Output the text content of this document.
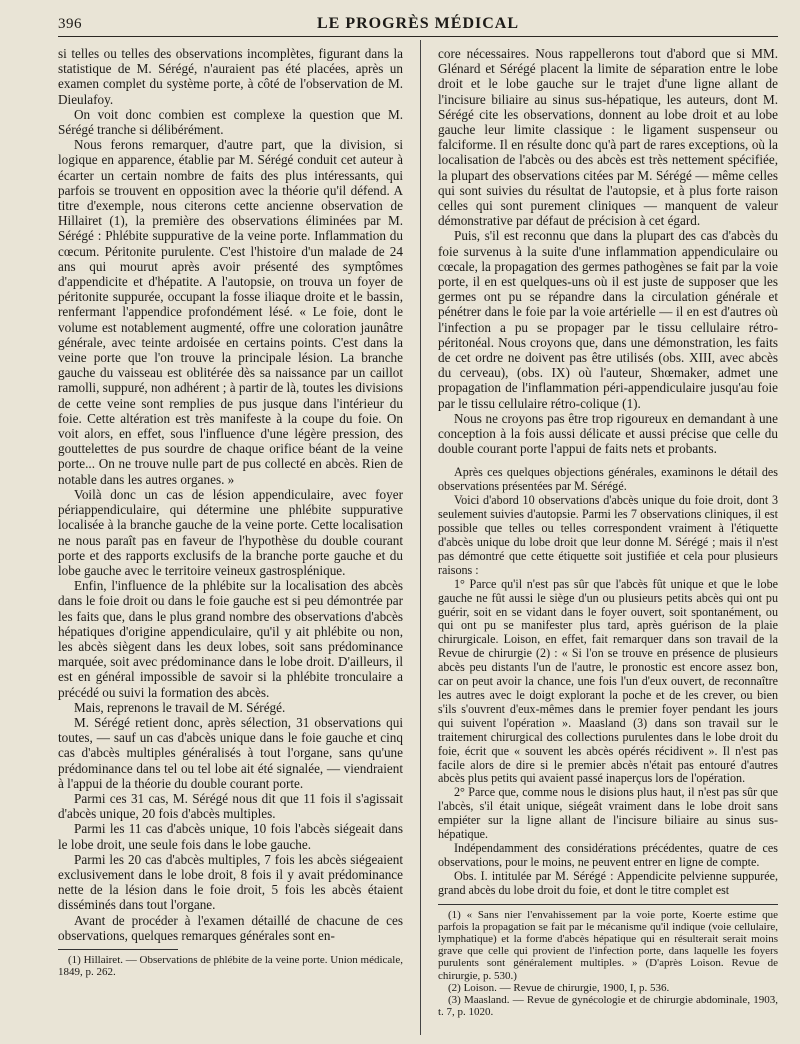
396	LE PROGRÈS MÉDICAL

si telles ou telles des observations incomplètes, figurant dans la statistique de M. Sérégé, n'auraient pas été placées, après un examen complet du système porte, à côté de l'observation de M. Dieulafoy.

On voit donc combien est complexe la question que M. Sérégé tranche si délibérément.

Nous ferons remarquer, d'autre part, que la division, si logique en apparence, établie par M. Sérégé conduit cet auteur à écarter un certain nombre de faits des plus intéressants, qui parfois se trouvent en opposition avec la théorie qu'il défend. A titre d'exemple, nous citerons cette ancienne observation de Hillairet (1), la première des observations éliminées par M. Sérégé : Phlébite suppurative de la veine porte. Inflammation du cœcum. Péritonite purulente. C'est l'histoire d'un malade de 24 ans qui mourut après avoir présenté des symptômes d'appendicite et d'hépatite. A l'autopsie, on trouva un foyer de péritonite suppurée, occupant la fosse iliaque droite et le bassin, renfermant l'appendice profondément lésé. « Le foie, dont le volume est notablement augmenté, offre une coloration jaunâtre générale, avec teinte ardoisée en certains points. C'est dans la veine porte que l'on trouve la principale lésion. La branche gauche du vaisseau est oblitérée dès sa naissance par un caillot ramolli, suppuré, non adhérent ; à partir de là, toutes les divisions de cette veine sont remplies de pus jusque dans l'intérieur du foie. Cette altération est très manifeste à la coupe du foie. On voit alors, en effet, sous l'influence d'une légère pression, des gouttelettes de pus sourdre de chaque orifice béant de la veine porte... On ne trouve nulle part de pus collecté en abcès. Rien de notable dans les autres organes. »

Voilà donc un cas de lésion appendiculaire, avec foyer périappendiculaire, qui détermine une phlébite suppurative localisée à la branche gauche de la veine porte. Cette localisation ne nous paraît pas en faveur de l'hypothèse du double courant porte et des rapports exclusifs de la branche porte gauche et du lobe gauche avec le territoire veineux gastrosplénique.

Enfin, l'influence de la phlébite sur la localisation des abcès dans le foie droit ou dans le foie gauche est si peu démontrée par les faits que, dans le plus grand nombre des observations d'abcès hépatiques d'origine appendiculaire, qu'il y ait phlébite ou non, les abcès siègent dans les deux lobes, soit sans prédominance marquée, soit avec prédominance dans le lobe droit. D'ailleurs, il est en général impossible de savoir si la phlébite tronculaire a précédé ou suivi la formation des abcès.

Mais, reprenons le travail de M. Sérégé.

M. Sérégé retient donc, après sélection, 31 observations qui toutes, — sauf un cas d'abcès unique dans le foie gauche et cinq cas d'abcès multiples généralisés à tout l'organe, sans qu'une prédominance dans tel ou tel lobe ait été signalée, — viendraient à l'appui de la théorie du double courant porte.

Parmi ces 31 cas, M. Sérégé nous dit que 11 fois il s'agissait d'abcès unique, 20 fois d'abcès multiples.

Parmi les 11 cas d'abcès unique, 10 fois l'abcès siégeait dans le lobe droit, une seule fois dans le lobe gauche.

Parmi les 20 cas d'abcès multiples, 7 fois les abcès siégeaient exclusivement dans le lobe droit, 8 fois il y avait prédominance nette de la lésion dans le foie droit, 5 fois les abcès étaient disséminés dans tout l'organe.

Avant de procéder à l'examen détaillé de chacune de ces observations, quelques remarques générales sont en-

(1) Hillairet. — Observations de phlébite de la veine porte. Union médicale, 1849, p. 262.

core nécessaires. Nous rappellerons tout d'abord que si MM. Glénard et Sérégé placent la limite de séparation entre le lobe droit et le lobe gauche sur le trajet d'une ligne allant de l'incisure biliaire au sinus sus-hépatique, les auteurs, dont M. Sérégé cite les observations, donnent au lobe droit et au lobe gauche leur limite classique : le ligament suspenseur ou falciforme. Il en résulte donc qu'à part de rares exceptions, où la localisation de l'abcès ou des abcès est très nettement spécifiée, la plupart des observations citées par M. Sérégé — même celles qui sont suivies du résultat de l'autopsie, et à plus forte raison celles qui sont purement cliniques — manquent de valeur démonstrative par défaut de précision à cet égard.

Puis, s'il est reconnu que dans la plupart des cas d'abcès du foie survenus à la suite d'une inflammation appendiculaire ou cœcale, la propagation des germes pathogènes se fait par la voie porte, il en est quelques-uns où il est juste de supposer que les germes ont pu se répandre dans la circulation générale et pénétrer dans le foie par la voie artérielle — il en est d'autres où l'infection a pu se propager par le tissu cellulaire rétro-péritonéal. Nous croyons que, dans une démonstration, les faits de cet ordre ne doivent pas être utilisés (obs. XIII, avec abcès du cerveau), (obs. IX) où l'auteur, Shœmaker, admet une propagation de l'inflammation péri-appendiculaire jusqu'au foie par le tissu cellulaire rétro-colique (1).

Nous ne croyons pas être trop rigoureux en demandant à une conception à la fois aussi délicate et aussi précise que celle du double courant porte l'appui de faits nets et probants.

Après ces quelques objections générales, examinons le détail des observations présentées par M. Sérégé.

Voici d'abord 10 observations d'abcès unique du foie droit, dont 3 seulement suivies d'autopsie. Parmi les 7 observations cliniques, il est possible que telles ou telles correspondent vraiment à l'étiquette d'abcès unique du lobe droit que leur donne M. Sérégé ; mais il n'est pas démontré que cette étiquette soit justifiée et cela pour plusieurs raisons :

1° Parce qu'il n'est pas sûr que l'abcès fût unique et que le lobe gauche ne fût aussi le siège d'un ou plusieurs petits abcès qui ont pu guérir, soit en se vidant dans le foyer ouvert, soit spontanément, ou qui ont pu se manifester plus tard, après guérison de la plaie chirurgicale. Loison, en effet, fait remarquer dans son travail de la Revue de chirurgie (2) : « Si l'on se trouve en présence de plusieurs abcès peu distants l'un de l'autre, le pronostic est encore assez bon, car on peut avoir la chance, une fois l'un d'eux ouvert, de reconnaître les autres avec le doigt explorant la poche et de les crever, ou bien s'ils s'ouvrent d'eux-mêmes dans le premier foyer pendant les jours qui suivent l'opération ». Maasland (3) dans son travail sur le traitement chirurgical des collections purulentes dans le lobe droit du foie, écrit que « souvent les abcès opérés récidivent ». Il n'est pas facile alors de dire si le premier abcès n'était pas entouré d'autres abcès plus petits qui avaient passé inaperçus lors de l'opération.

2° Parce que, comme nous le disions plus haut, il n'est pas sûr que l'abcès, s'il était unique, siégeât vraiment dans le lobe droit sans empiéter sur la ligne allant de l'incisure biliaire au sinus sus-hépatique.

Indépendamment des considérations précédentes, quatre de ces observations, pour le moins, ne peuvent entrer en ligne de compte.

Obs. I. intitulée par M. Sérégé : Appendicite pelvienne suppurée, grand abcès du lobe droit du foie, et dont le titre complet est

(1) « Sans nier l'envahissement par la voie porte, Koerte estime que parfois la propagation se fait par le mécanisme qu'il indique (voie cellulaire, lymphatique) et la forme d'abcès hépatique qui en résulterait serait moins grave que celle qui provient de l'infection porte, dans laquelle les foyers purulents sont généralement multiples. » (D'après Loison. Revue de chirurgie, p. 530.)

(2) Loison. — Revue de chirurgie, 1900, I, p. 536.

(3) Maasland. — Revue de gynécologie et de chirurgie abdominale, 1903, t. 7, p. 1020.
